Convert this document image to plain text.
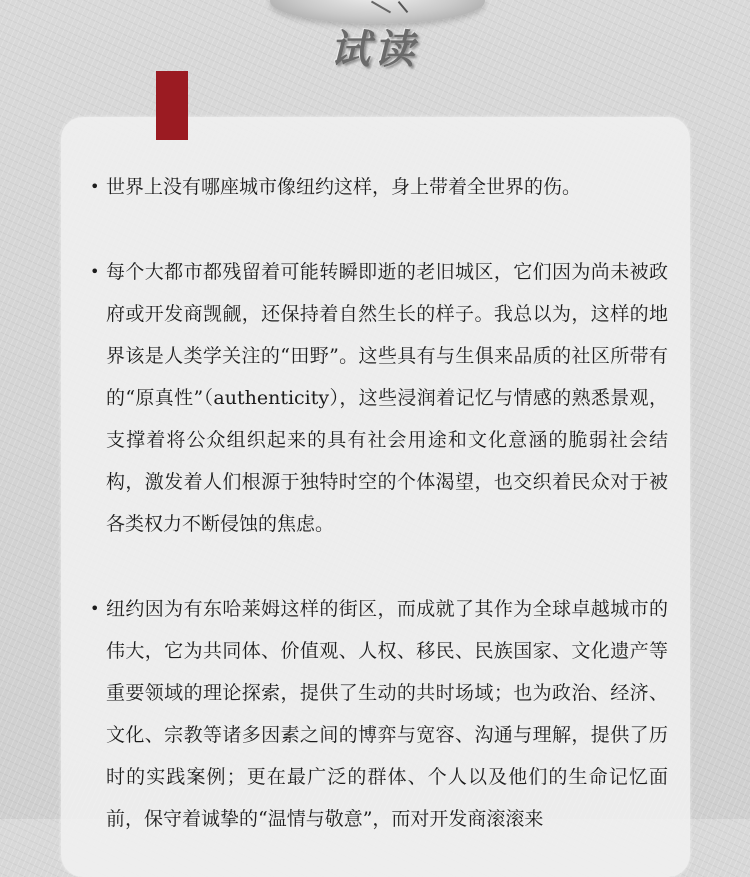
试读
• 世界上没有哪座城市像纽约这样，身上带着全世界的伤。
• 每个大都市都残留着可能转瞬即逝的老旧城区，它们因为尚未被政府或开发商觊觎，还保持着自然生长的样子。我总以为，这样的地界该是人类学关注的“田野”。这些具有与生俱来品质的社区所带有的“原真性”（authenticity），这些浸润着记忆与情感的熟悉景观，支撑着将公众组织起来的具有社会用途和文化意涵的脆弱社会结构，激发着人们根源于独特时空的个体渴望，也交织着民众对于被各类权力不断侵蚀的焦虑。
• 纽约因为有东哈莱姆这样的街区，而成就了其作为全球卓越城市的伟大，它为共同体、价值观、人权、移民、民族国家、文化遗产等重要领域的理论探索，提供了生动的共时场域；也为政治、经济、文化、宗教等诸多因素之间的博弈与宽容、沟通与理解，提供了历时的实践案例；更在最广泛的群体、个人以及他们的生命记忆面前，保守着诚挚的“温情与敬意”，而对开发商滚滚来
